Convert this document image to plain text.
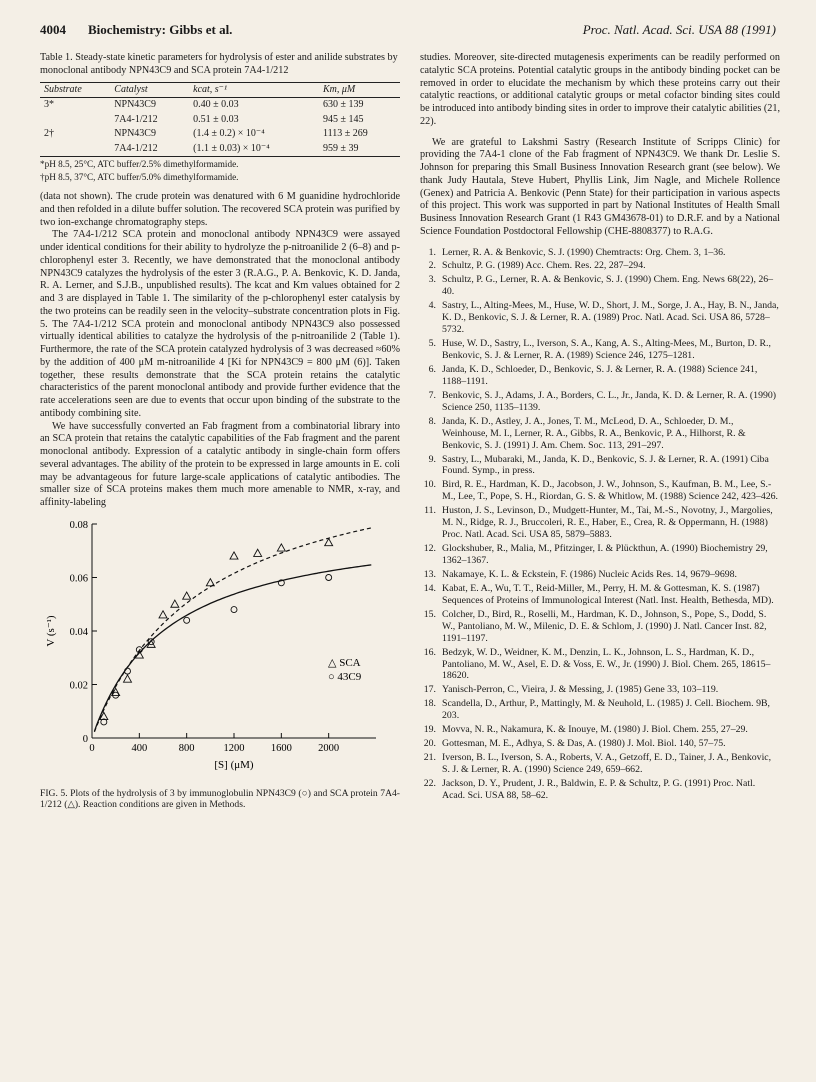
4004 Biochemistry: Gibbs et al.	Proc. Natl. Acad. Sci. USA 88 (1991)
Table 1. Steady-state kinetic parameters for hydrolysis of ester and anilide substrates by monoclonal antibody NPN43C9 and SCA protein 7A4-1/212
Substrate	Catalyst	kcat, s⁻¹	Km, μM
3*	NPN43C9	0.40 ± 0.03	630 ± 139
	7A4-1/212	0.51 ± 0.03	945 ± 145
2†	NPN43C9	(1.4 ± 0.2) × 10⁻⁴	1113 ± 269
	7A4-1/212	(1.1 ± 0.03) × 10⁻⁴	959 ± 39
*pH 8.5, 25°C, ATC buffer/2.5% dimethylformamide.
†pH 8.5, 37°C, ATC buffer/5.0% dimethylformamide.

(data not shown). The crude protein was denatured with 6 M guanidine hydrochloride and then refolded in a dilute buffer solution. The recovered SCA protein was purified by two ion-exchange chromatography steps.

The 7A4-1/212 SCA protein and monoclonal antibody NPN43C9 were assayed under identical conditions for their ability to hydrolyze the p-nitroanilide 2 (6–8) and p-chlorophenyl ester 3. Recently, we have demonstrated that the monoclonal antibody NPN43C9 catalyzes the hydrolysis of the ester 3 (R.A.G., P. A. Benkovic, K. D. Janda, R. A. Lerner, and S.J.B., unpublished results). The kcat and Km values obtained for 2 and 3 are displayed in Table 1. The similarity of the p-chlorophenyl ester catalysis by the two proteins can be readily seen in the velocity–substrate concentration plots in Fig. 5. The 7A4-1/212 SCA protein and monoclonal antibody NPN43C9 also possessed virtually identical abilities to catalyze the hydrolysis of the p-nitroanilide 2 (Table 1). Furthermore, the rate of the SCA protein catalyzed hydrolysis of 3 was decreased ≈60% by the addition of 400 μM m-nitroanilide 4 [Ki for NPN43C9 = 800 μM (6)]. Taken together, these results demonstrate that the SCA protein retains the catalytic characteristics of the parent monoclonal antibody and provide further evidence that the rate accelerations seen are due to events that occur upon binding of the substrate to the antibody combining site.

We have successfully converted an Fab fragment from a combinatorial library into an SCA protein that retains the catalytic capabilities of the Fab fragment and the parent monoclonal antibody. Expression of a catalytic antibody in single-chain form offers several advantages. The ability of the protein to be expressed in large amounts in E. coli may be advantageous for future large-scale applications of catalytic antibodies. The smaller size of SCA proteins makes them much more amenable to NMR, x-ray, and affinity-labeling

0	400	800	1200	1600	2000
0
0.02
0.04
0.06
0.08
V (s⁻¹)
[S] (μM)
△ SCA
○ 43C9
FIG. 5. Plots of the hydrolysis of 3 by immunoglobulin NPN43C9 (○) and SCA protein 7A4-1/212 (△). Reaction conditions are given in Methods.

studies. Moreover, site-directed mutagenesis experiments can be readily performed on catalytic SCA proteins. Potential catalytic groups in the antibody binding pocket can be removed in order to elucidate the mechanism by which these proteins carry out their catalytic reactions, or additional catalytic groups or metal cofactor binding sites could be introduced into antibody binding sites in order to improve their catalytic abilities (21, 22).

We are grateful to Lakshmi Sastry (Research Institute of Scripps Clinic) for providing the 7A4-1 clone of the Fab fragment of NPN43C9. We thank Dr. Leslie S. Johnson for preparing this Small Business Innovation Research grant (see below). We thank Judy Hautala, Steve Hubert, Phyllis Link, Jim Nagle, and Michele Rollence (Genex) and Patricia A. Benkovic (Penn State) for their participation in various aspects of this project. This work was supported in part by National Institutes of Health Small Business Innovation Research Grant (1 R43 GM43678-01) to D.R.F. and by a National Science Foundation Postdoctoral Fellowship (CHE-8808377) to R.A.G.

1. Lerner, R. A. & Benkovic, S. J. (1990) Chemtracts: Org. Chem. 3, 1–36.
2. Schultz, P. G. (1989) Acc. Chem. Res. 22, 287–294.
3. Schultz, P. G., Lerner, R. A. & Benkovic, S. J. (1990) Chem. Eng. News 68(22), 26–40.
4. Sastry, L., Alting-Mees, M., Huse, W. D., Short, J. M., Sorge, J. A., Hay, B. N., Janda, K. D., Benkovic, S. J. & Lerner, R. A. (1989) Proc. Natl. Acad. Sci. USA 86, 5728–5732.
5. Huse, W. D., Sastry, L., Iverson, S. A., Kang, A. S., Alting-Mees, M., Burton, D. R., Benkovic, S. J. & Lerner, R. A. (1989) Science 246, 1275–1281.
6. Janda, K. D., Schloeder, D., Benkovic, S. J. & Lerner, R. A. (1988) Science 241, 1188–1191.
7. Benkovic, S. J., Adams, J. A., Borders, C. L., Jr., Janda, K. D. & Lerner, R. A. (1990) Science 250, 1135–1139.
8. Janda, K. D., Astley, J. A., Jones, T. M., McLeod, D. A., Schloeder, D. M., Weinhouse, M. I., Lerner, R. A., Gibbs, R. A., Benkovic, P. A., Hilhorst, R. & Benkovic, S. J. (1991) J. Am. Chem. Soc. 113, 291–297.
9. Sastry, L., Mubaraki, M., Janda, K. D., Benkovic, S. J. & Lerner, R. A. (1991) Ciba Found. Symp., in press.
10. Bird, R. E., Hardman, K. D., Jacobson, J. W., Johnson, S., Kaufman, B. M., Lee, S.-M., Lee, T., Pope, S. H., Riordan, G. S. & Whitlow, M. (1988) Science 242, 423–426.
11. Huston, J. S., Levinson, D., Mudgett-Hunter, M., Tai, M.-S., Novotny, J., Margolies, M. N., Ridge, R. J., Bruccoleri, R. E., Haber, E., Crea, R. & Oppermann, H. (1988) Proc. Natl. Acad. Sci. USA 85, 5879–5883.
12. Glockshuber, R., Malia, M., Pfitzinger, I. & Plückthun, A. (1990) Biochemistry 29, 1362–1367.
13. Nakamaye, K. L. & Eckstein, F. (1986) Nucleic Acids Res. 14, 9679–9698.
14. Kabat, E. A., Wu, T. T., Reid-Miller, M., Perry, H. M. & Gottesman, K. S. (1987) Sequences of Proteins of Immunological Interest (Natl. Inst. Health, Bethesda, MD).
15. Colcher, D., Bird, R., Roselli, M., Hardman, K. D., Johnson, S., Pope, S., Dodd, S. W., Pantoliano, M. W., Milenic, D. E. & Schlom, J. (1990) J. Natl. Cancer Inst. 82, 1191–1197.
16. Bedzyk, W. D., Weidner, K. M., Denzin, L. K., Johnson, L. S., Hardman, K. D., Pantoliano, M. W., Asel, E. D. & Voss, E. W., Jr. (1990) J. Biol. Chem. 265, 18615–18620.
17. Yanisch-Perron, C., Vieira, J. & Messing, J. (1985) Gene 33, 103–119.
18. Scandella, D., Arthur, P., Mattingly, M. & Neuhold, L. (1985) J. Cell. Biochem. 9B, 203.
19. Movva, N. R., Nakamura, K. & Inouye, M. (1980) J. Biol. Chem. 255, 27–29.
20. Gottesman, M. E., Adhya, S. & Das, A. (1980) J. Mol. Biol. 140, 57–75.
21. Iverson, B. L., Iverson, S. A., Roberts, V. A., Getzoff, E. D., Tainer, J. A., Benkovic, S. J. & Lerner, R. A. (1990) Science 249, 659–662.
22. Jackson, D. Y., Prudent, J. R., Baldwin, E. P. & Schultz, P. G. (1991) Proc. Natl. Acad. Sci. USA 88, 58–62.
